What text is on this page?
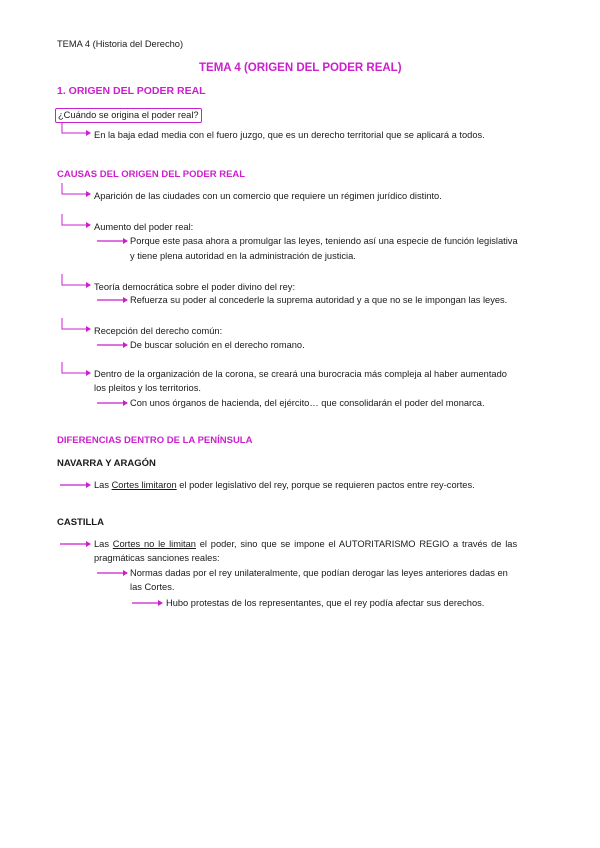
TEMA 4 (Historia del Derecho)
TEMA 4 (ORIGEN DEL PODER REAL)
1. ORIGEN DEL PODER REAL
¿Cuándo se origina el poder real?
En la baja edad media con el fuero juzgo, que es un derecho territorial que se aplicará a todos.
CAUSAS DEL ORIGEN DEL PODER REAL
Aparición de las ciudades con un comercio que requiere un régimen jurídico distinto.
Aumento del poder real:
Porque este pasa ahora a promulgar las leyes, teniendo así una especie de función legislativa
y tiene plena autoridad en la administración de justicia.
Teoría democrática sobre el poder divino del rey:
Refuerza su poder al concederle la suprema autoridad y a que no se le impongan las leyes.
Recepción del derecho común:
De buscar solución en el derecho romano.
Dentro de la organización de la corona, se creará una burocracia más compleja al haber aumentado
los pleitos y los territorios.
Con unos órganos de hacienda, del ejército… que consolidarán el poder del monarca.
DIFERENCIAS DENTRO DE LA PENÍNSULA
NAVARRA Y ARAGÓN
Las Cortes limitaron el poder legislativo del rey, porque se requieren pactos entre rey-cortes.
CASTILLA
Las Cortes no le limitan el poder, sino que se impone el AUTORITARISMO REGIO a través de las
pragmáticas sanciones reales:
Normas dadas por el rey unilateralmente, que podían derogar las leyes anteriores dadas en
las Cortes.
Hubo protestas de los representantes, que el rey podía afectar sus derechos.
